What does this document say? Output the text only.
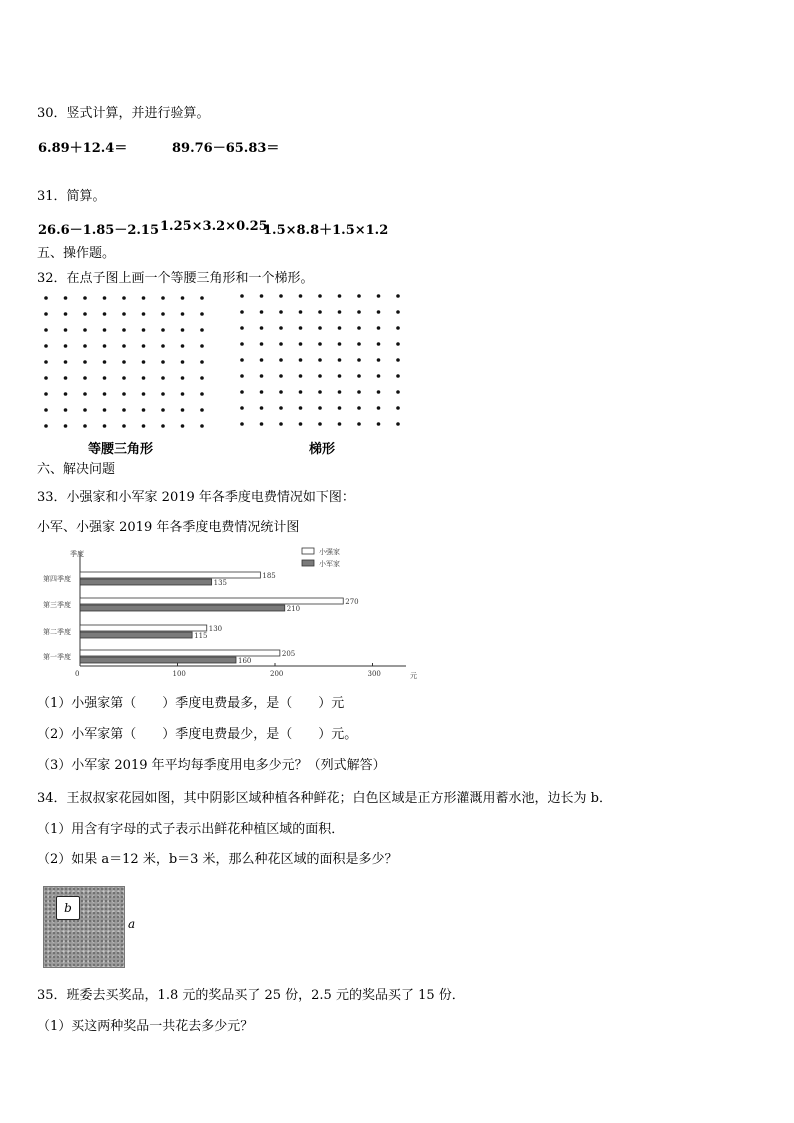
30．竖式计算，并进行验算。
6.89＋12.4＝	89.76－65.83＝
31．简算。
26.6－1.85－2.15 1.25×3.2×0.25
1.5×8.8＋1.5×1.2
五、操作题。
32．在点子图上画一个等腰三角形和一个梯形。
等腰三角形	梯形
六、解决问题
33．小强家和小军家 2019 年各季度电费情况如下图：
小军、小强家 2019 年各季度电费情况统计图
季度
元
0	100	200	300
第四季度	185
135
第三季度	270
210
第二季度	130
115
第一季度	205
160
小强家
小军家
（1）小强家第（　　）季度电费最多，是（　　）元
（2）小军家第（　　）季度电费最少，是（　　）元。
（3）小军家 2019 年平均每季度用电多少元？（列式解答）
34．王叔叔家花园如图，其中阴影区域种植各种鲜花；白色区域是正方形灌溉用蓄水池，边长为 b．
（1）用含有字母的式子表示出鲜花种植区域的面积．
（2）如果 a＝12 米，b＝3 米，那么种花区域的面积是多少？
b
a
35．班委去买奖品，1.8 元的奖品买了 25 份，2.5 元的奖品买了 15 份．
（1）买这两种奖品一共花去多少元？
